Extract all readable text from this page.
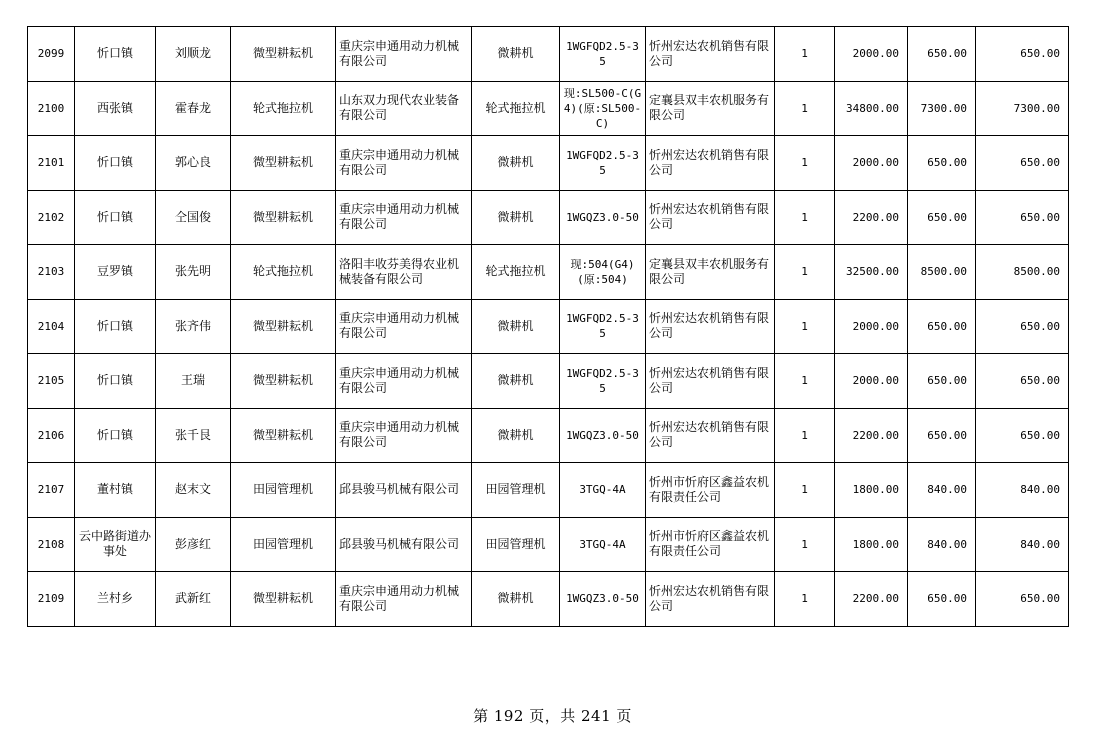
2099	忻口镇	刘顺龙	微型耕耘机	重庆宗申通用动力机械有限公司	微耕机	1WGFQD2.5-35	忻州宏达农机销售有限公司	1	2000.00	650.00	650.00
2100	西张镇	霍春龙	轮式拖拉机	山东双力现代农业装备有限公司	轮式拖拉机	现:SL500-C(G4)(原:SL500-C)	定襄县双丰农机服务有限公司	1	34800.00	7300.00	7300.00
2101	忻口镇	郭心良	微型耕耘机	重庆宗申通用动力机械有限公司	微耕机	1WGFQD2.5-35	忻州宏达农机销售有限公司	1	2000.00	650.00	650.00
2102	忻口镇	仝国俊	微型耕耘机	重庆宗申通用动力机械有限公司	微耕机	1WGQZ3.0-50	忻州宏达农机销售有限公司	1	2200.00	650.00	650.00
2103	豆罗镇	张先明	轮式拖拉机	洛阳丰收芬美得农业机械装备有限公司	轮式拖拉机	现:504(G4)(原:504)	定襄县双丰农机服务有限公司	1	32500.00	8500.00	8500.00
2104	忻口镇	张齐伟	微型耕耘机	重庆宗申通用动力机械有限公司	微耕机	1WGFQD2.5-35	忻州宏达农机销售有限公司	1	2000.00	650.00	650.00
2105	忻口镇	王瑞	微型耕耘机	重庆宗申通用动力机械有限公司	微耕机	1WGFQD2.5-35	忻州宏达农机销售有限公司	1	2000.00	650.00	650.00
2106	忻口镇	张千艮	微型耕耘机	重庆宗申通用动力机械有限公司	微耕机	1WGQZ3.0-50	忻州宏达农机销售有限公司	1	2200.00	650.00	650.00
2107	董村镇	赵末文	田园管理机	邱县骏马机械有限公司	田园管理机	3TGQ-4A	忻州市忻府区鑫益农机有限责任公司	1	1800.00	840.00	840.00
2108	云中路街道办事处	彭彦红	田园管理机	邱县骏马机械有限公司	田园管理机	3TGQ-4A	忻州市忻府区鑫益农机有限责任公司	1	1800.00	840.00	840.00
2109	兰村乡	武新红	微型耕耘机	重庆宗申通用动力机械有限公司	微耕机	1WGQZ3.0-50	忻州宏达农机销售有限公司	1	2200.00	650.00	650.00
第 192 页，共 241 页
